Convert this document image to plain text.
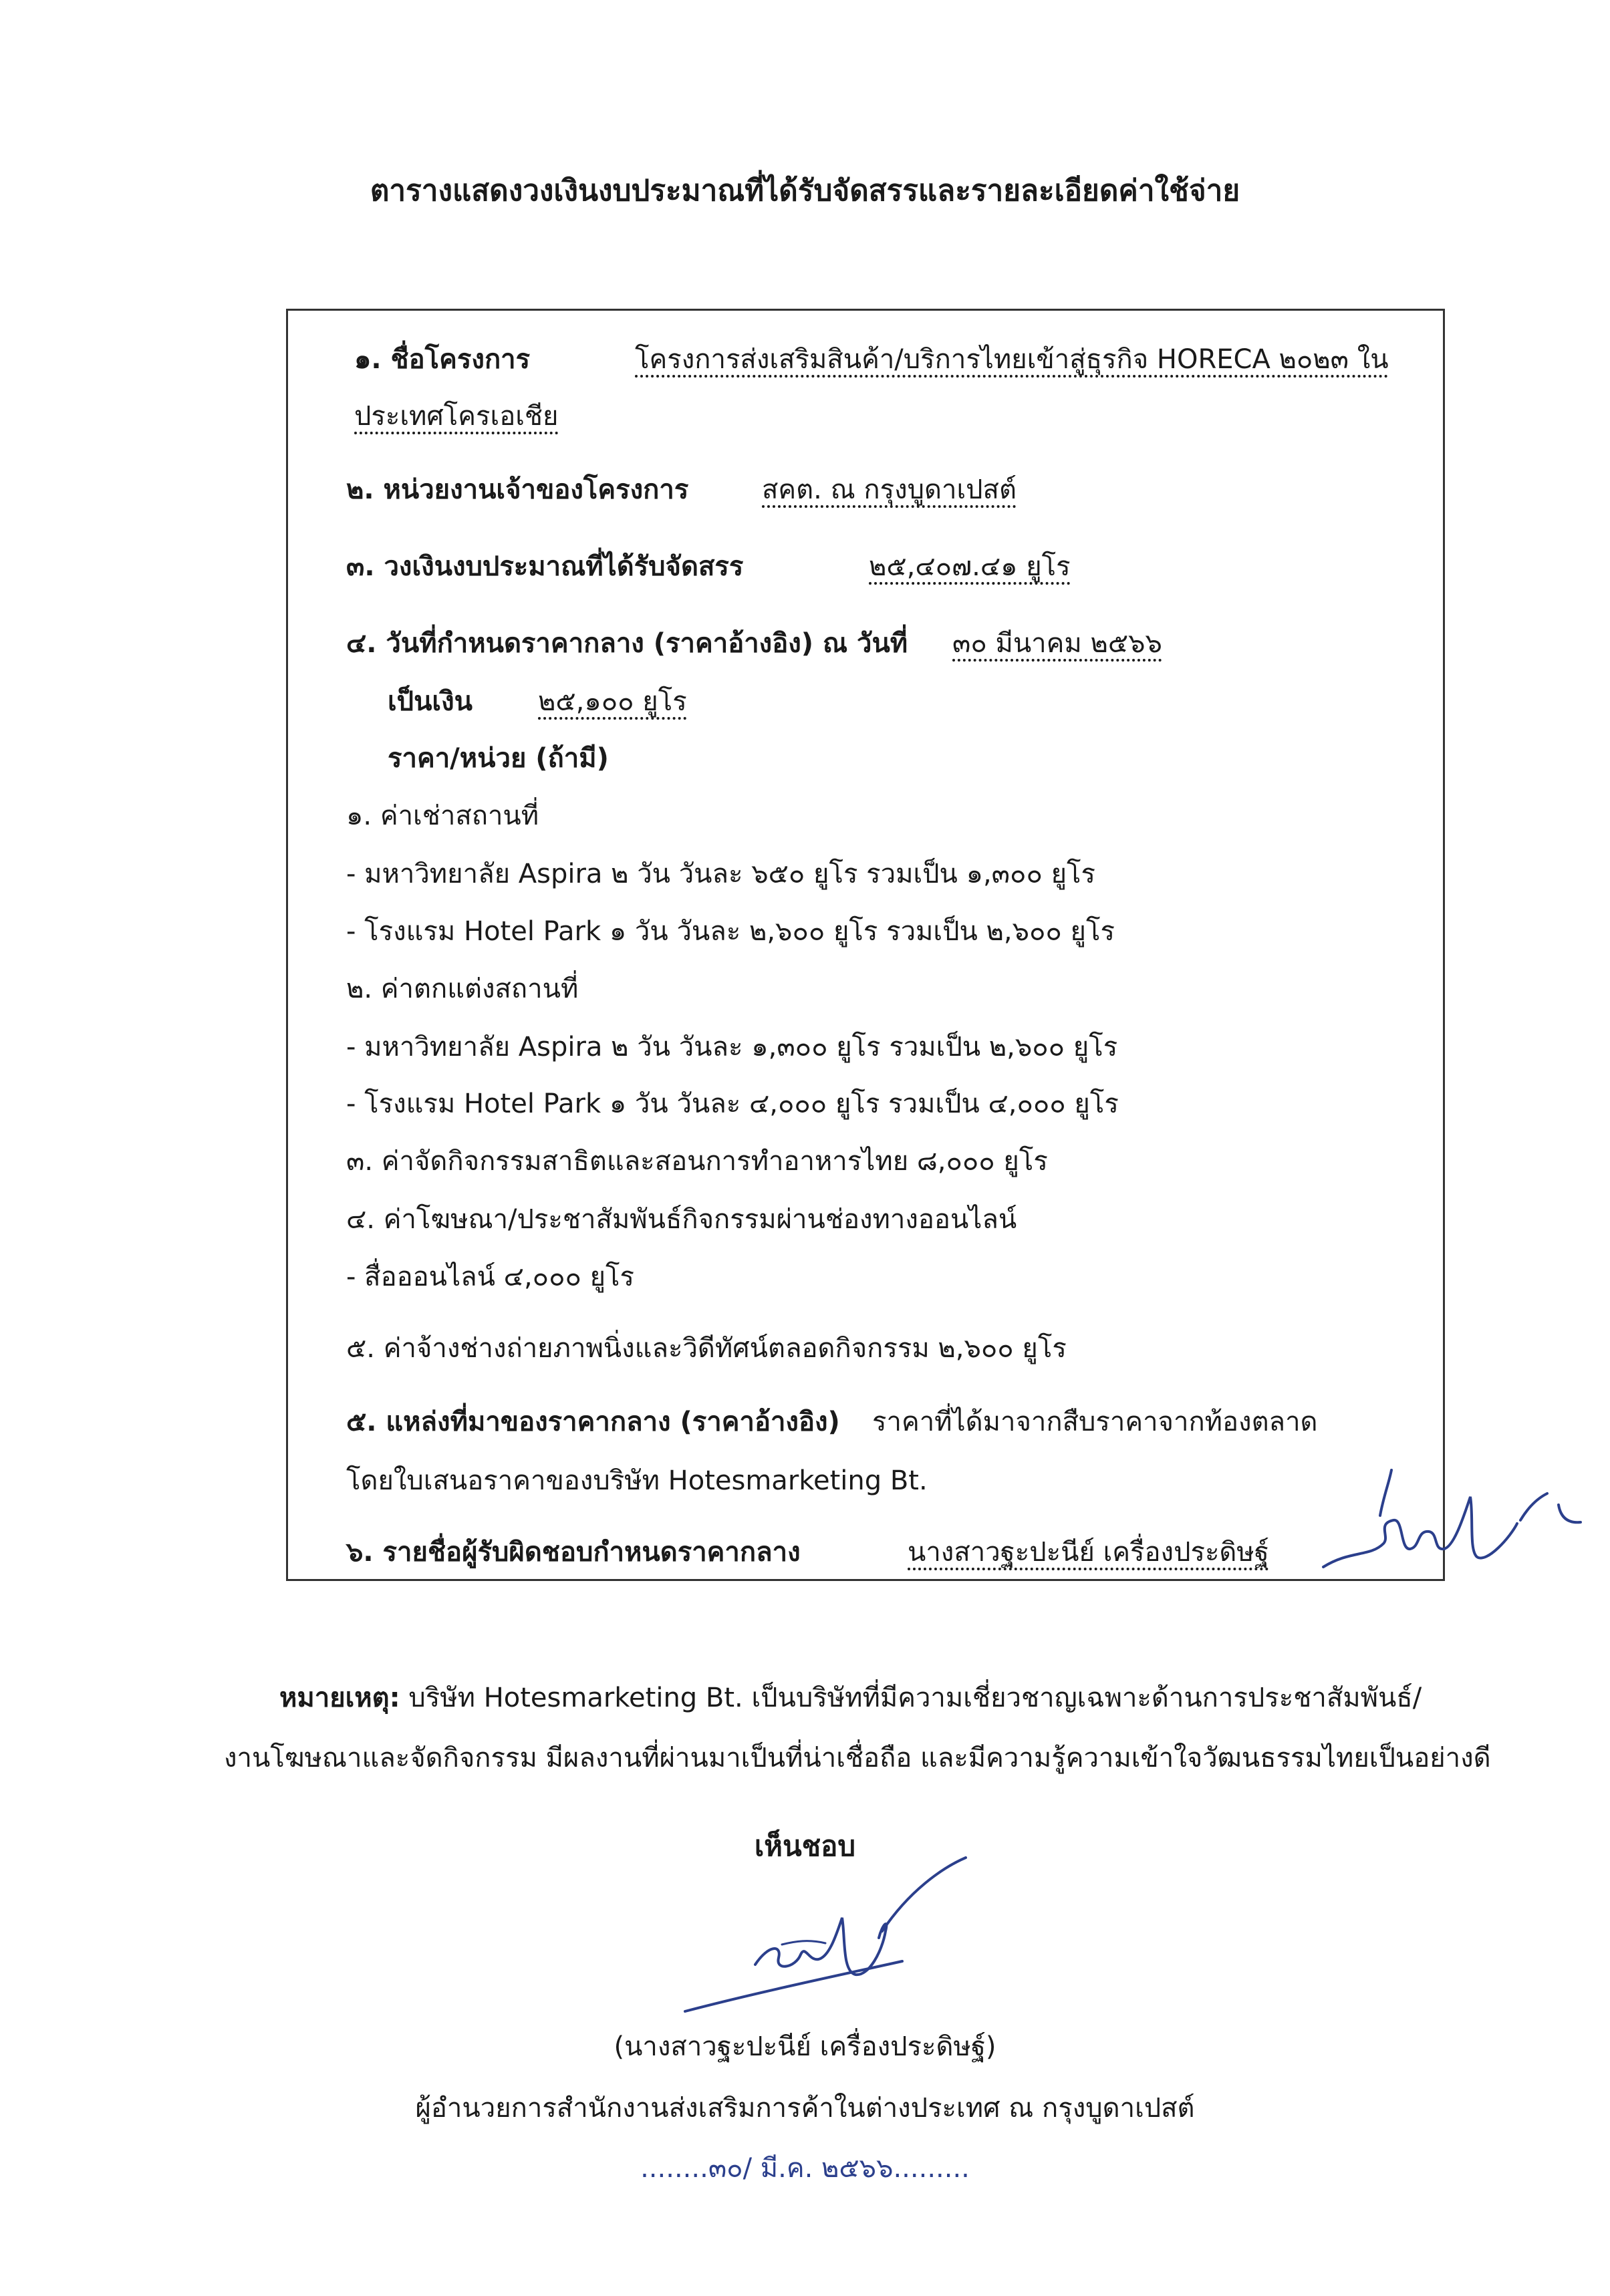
ตารางแสดงวงเงินงบประมาณที่ได้รับจัดสรรและรายละเอียดค่าใช้จ่าย
๑. ชื่อโครงการ	โครงการส่งเสริมสินค้า/บริการไทยเข้าสู่ธุรกิจ HORECA ๒๐๒๓ ใน
ประเทศโครเอเชีย
๒. หน่วยงานเจ้าของโครงการ	สคต. ณ กรุงบูดาเปสต์
๓. วงเงินงบประมาณที่ได้รับจัดสรร	๒๕,๔๐๗.๔๑ ยูโร
๔. วันที่กำหนดราคากลาง (ราคาอ้างอิง) ณ วันที่ ๓๐ มีนาคม ๒๕๖๖
เป็นเงิน ๒๕,๑๐๐ ยูโร
ราคา/หน่วย (ถ้ามี)
๑. ค่าเช่าสถานที่
- มหาวิทยาลัย Aspira ๒ วัน วันละ ๖๕๐ ยูโร รวมเป็น ๑,๓๐๐ ยูโร
- โรงแรม Hotel Park ๑ วัน วันละ ๒,๖๐๐ ยูโร รวมเป็น ๒,๖๐๐ ยูโร
๒. ค่าตกแต่งสถานที่
- มหาวิทยาลัย Aspira ๒ วัน วันละ ๑,๓๐๐ ยูโร รวมเป็น ๒,๖๐๐ ยูโร
- โรงแรม Hotel Park ๑ วัน วันละ ๔,๐๐๐ ยูโร รวมเป็น ๔,๐๐๐ ยูโร
๓. ค่าจัดกิจกรรมสาธิตและสอนการทำอาหารไทย ๘,๐๐๐ ยูโร
๔. ค่าโฆษณา/ประชาสัมพันธ์กิจกรรมผ่านช่องทางออนไลน์
- สื่อออนไลน์ ๔,๐๐๐ ยูโร
๕. ค่าจ้างช่างถ่ายภาพนิ่งและวิดีทัศน์ตลอดกิจกรรม ๒,๖๐๐ ยูโร
๕. แหล่งที่มาของราคากลาง (ราคาอ้างอิง) ราคาที่ได้มาจากสืบราคาจากท้องตลาด
โดยใบเสนอราคาของบริษัท Hotesmarketing Bt.
๖. รายชื่อผู้รับผิดชอบกำหนดราคากลาง	นางสาวฐะปะนีย์ เครื่องประดิษฐ์
หมายเหตุ: บริษัท Hotesmarketing Bt. เป็นบริษัทที่มีความเชี่ยวชาญเฉพาะด้านการประชาสัมพันธ์/
งานโฆษณาและจัดกิจกรรม มีผลงานที่ผ่านมาเป็นที่น่าเชื่อถือ และมีความรู้ความเข้าใจวัฒนธรรมไทยเป็นอย่างดี
เห็นชอบ
(นางสาวฐะปะนีย์ เครื่องประดิษฐ์)
ผู้อำนวยการสำนักงานส่งเสริมการค้าในต่างประเทศ ณ กรุงบูดาเปสต์
........๓๐/ มี.ค. ๒๕๖๖.........
